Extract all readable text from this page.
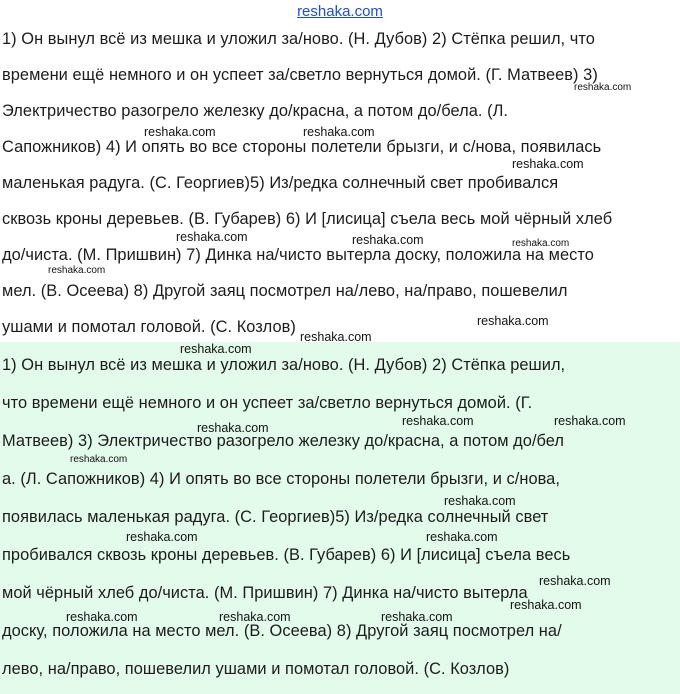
reshaka.com
1) Он вынул всё из мешка и уложил за/ново. (Н. Дубов) 2) Стёпка решил, что
времени ещё немного и он успеет за/светло вернуться домой. (Г. Матвеев) 3)
Электричество разогрело железку до/красна, а потом до/бела. (Л.
Сапожников) 4) И опять во все стороны полетели брызги, и с/нова, появилась
маленькая радуга. (С. Георгиев)5) Из/редка солнечный свет пробивался
сквозь кроны деревьев. (В. Губарев) 6) И [лисица] съела весь мой чёрный хлеб
до/чиста. (М. Пришвин) 7) Динка на/чисто вытерла доску, положила на место
мел. (В. Осеева) 8) Другой заяц посмотрел на/лево, на/право, пошевелил
ушами и помотал головой. (С. Козлов)
1) Он вынул всё из мешка и уложил за/ново. (Н. Дубов) 2) Стёпка решил,
что времени ещё немного и он успеет за/светло вернуться домой. (Г.
Матвеев) 3) Электричество разогрело железку до/красна, а потом до/бел
а. (Л. Сапожников) 4) И опять во все стороны полетели брызги, и с/нова,
появилась маленькая радуга. (С. Георгиев)5) Из/редка солнечный свет
пробивался сквозь кроны деревьев. (В. Губарев) 6) И [лисица] съела весь
мой чёрный хлеб до/чиста. (М. Пришвин) 7) Динка на/чисто вытерла
доску, положила на место мел. (В. Осеева) 8) Другой заяц посмотрел на/
лево, на/право, пошевелил ушами и помотал головой. (С. Козлов)
reshaka.com	reshaka.com
reshaka.com
reshaka.com
reshaka.com	reshaka.com	reshaka.com
reshaka.com
reshaka.com
reshaka.com
reshaka.com
reshaka.com	reshaka.com	reshaka.com
reshaka.com
reshaka.com
reshaka.com	reshaka.com
reshaka.com
reshaka.com	reshaka.com	reshaka.com
reshaka.com
